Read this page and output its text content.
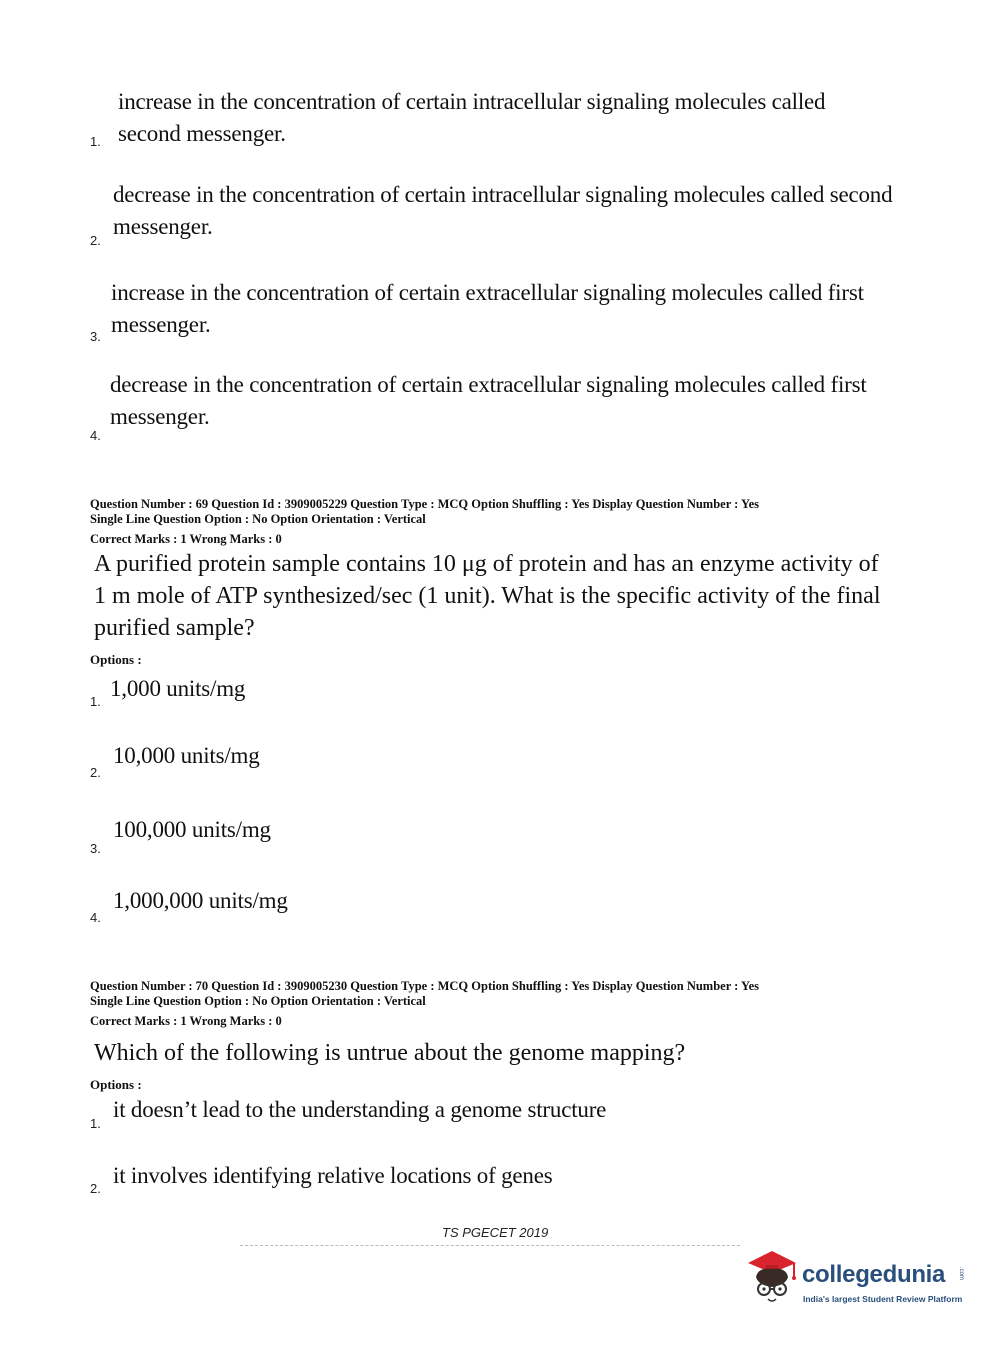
increase in the concentration of certain intracellular signaling molecules called second messenger.
1.
decrease in the concentration of certain intracellular signaling molecules called second messenger.
2.
increase in the concentration of certain extracellular signaling molecules called first messenger.
3.
decrease in the concentration of certain extracellular signaling molecules called first messenger.
4.
Question Number : 69 Question Id : 3909005229 Question Type : MCQ Option Shuffling : Yes Display Question Number : Yes
Single Line Question Option : No Option Orientation : Vertical
Correct Marks : 1 Wrong Marks : 0
A purified protein sample contains 10 μg of protein and has an enzyme activity of 1 m mole of ATP synthesized/sec (1 unit). What is the specific activity of the final purified sample?
Options :
1.
1,000 units/mg
2.
10,000 units/mg
3.
100,000 units/mg
4.
1,000,000 units/mg
Question Number : 70 Question Id : 3909005230 Question Type : MCQ Option Shuffling : Yes Display Question Number : Yes
Single Line Question Option : No Option Orientation : Vertical
Correct Marks : 1 Wrong Marks : 0
Which of the following is untrue about the genome mapping?
Options :
1.
it doesn’t lead to the understanding a genome structure
2.
it involves identifying relative locations of genes
TS PGECET 2019
collegedunia .com
India's largest Student Review Platform
